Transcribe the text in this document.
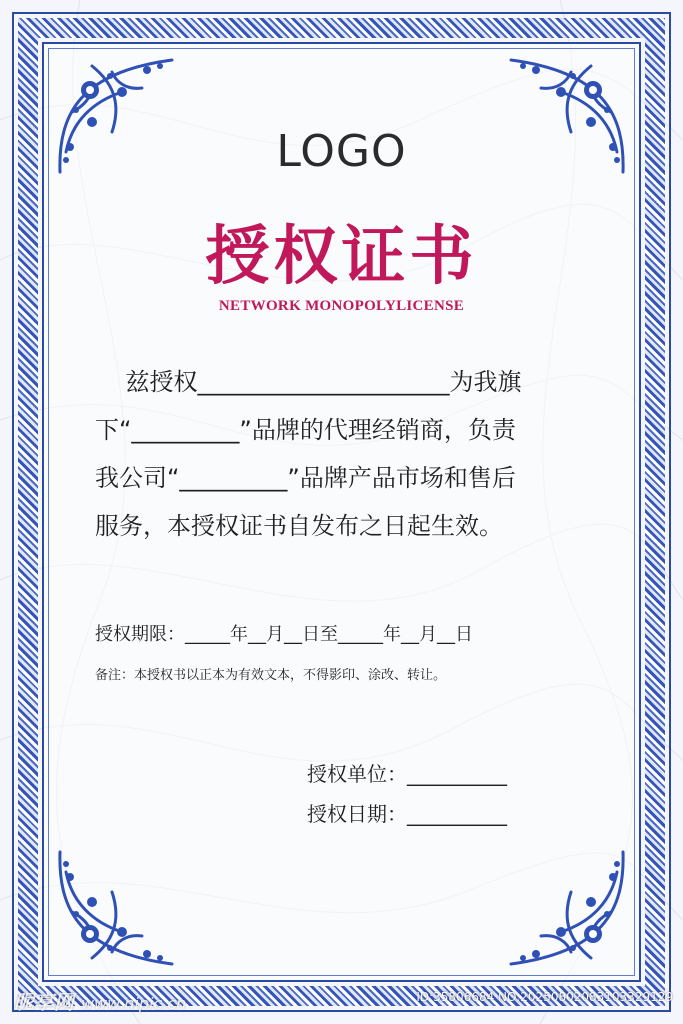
LOGO
授权证书
NETWORK MONOPOLYLICENSE
兹授权_____________________为我旗
下“_________”品牌的代理经销商，负责
我公司“_________”品牌产品市场和售后
服务，本授权证书自发布之日起生效。
授权期限：_____年__月__日至_____年__月__日
备注：本授权书以正本为有效文本，不得影印、涂改、转让。
授权单位：__________
授权日期：__________
昵享网 www.nipic.cn	ID:35806684 NO:20250802083103329129
